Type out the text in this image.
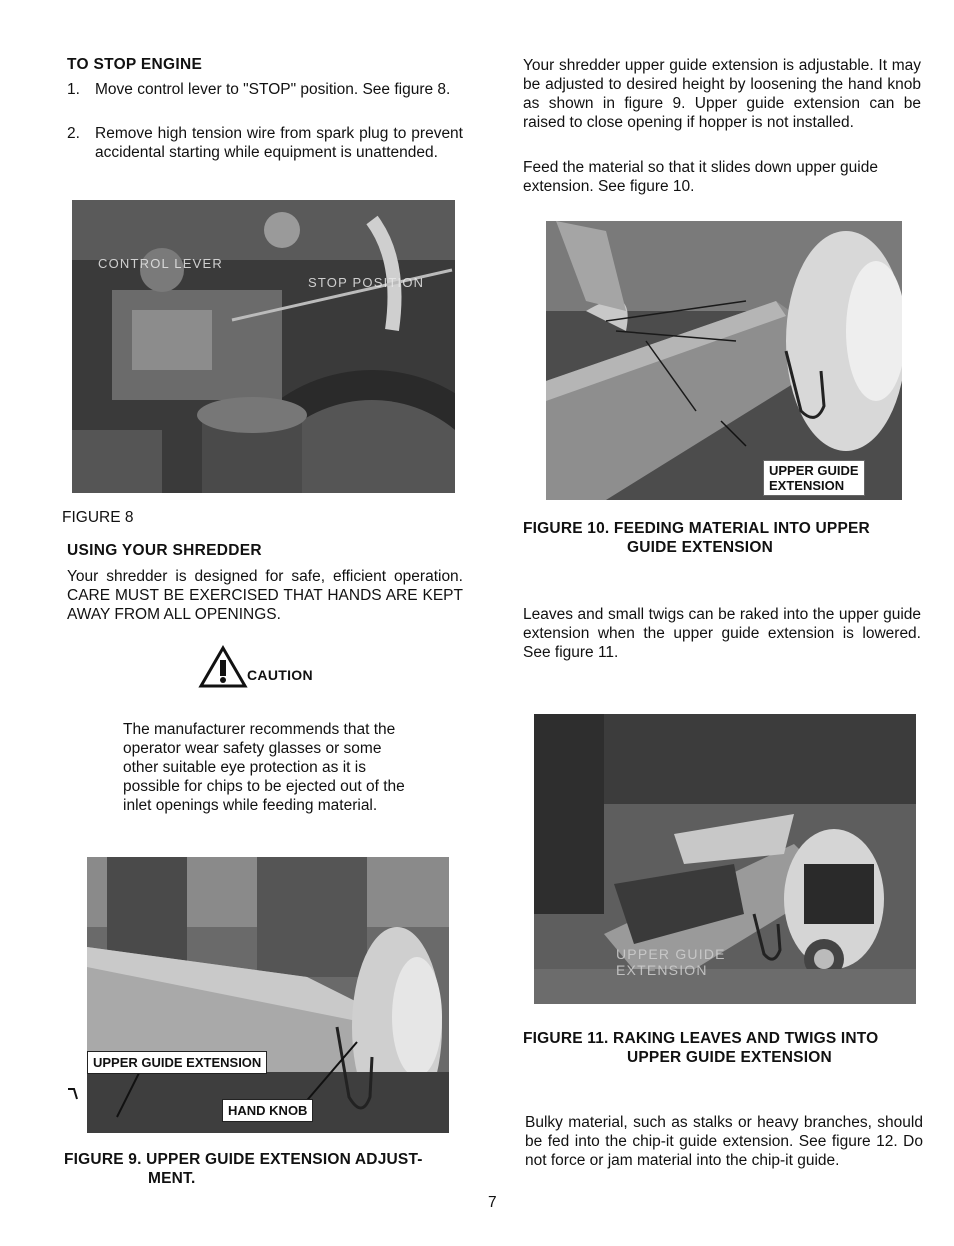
TO STOP ENGINE
1. Move control lever to "STOP" position. See figure 8.
2. Remove high tension wire from spark plug to prevent accidental starting while equipment is unattended.
CONTROL LEVER
STOP POSITION
FIGURE 8
USING YOUR SHREDDER
Your shredder is designed for safe, efficient operation. CARE MUST BE EXERCISED THAT HANDS ARE KEPT AWAY FROM ALL OPENINGS.
CAUTION
The manufacturer recommends that the operator wear safety glasses or some other suitable eye protection as it is possible for chips to be ejected out of the inlet openings while feeding material.
UPPER GUIDE EXTENSION
HAND KNOB
FIGURE 9. UPPER GUIDE EXTENSION ADJUST-
MENT.
Your shredder upper guide extension is adjustable. It may be adjusted to desired height by loosening the hand knob as shown in figure 9. Upper guide extension can be raised to close opening if hopper is not installed.
Feed the material so that it slides down upper guide extension. See figure 10.
UPPER GUIDE
EXTENSION
FIGURE 10. FEEDING MATERIAL INTO UPPER
GUIDE EXTENSION
Leaves and small twigs can be raked into the upper guide extension when the upper guide extension is lowered. See figure 11.
UPPER GUIDE
EXTENSION
FIGURE 11. RAKING LEAVES AND TWIGS INTO
UPPER GUIDE EXTENSION
Bulky material, such as stalks or heavy branches, should be fed into the chip-it guide extension. See figure 12. Do not force or jam material into the chip-it guide.
7
